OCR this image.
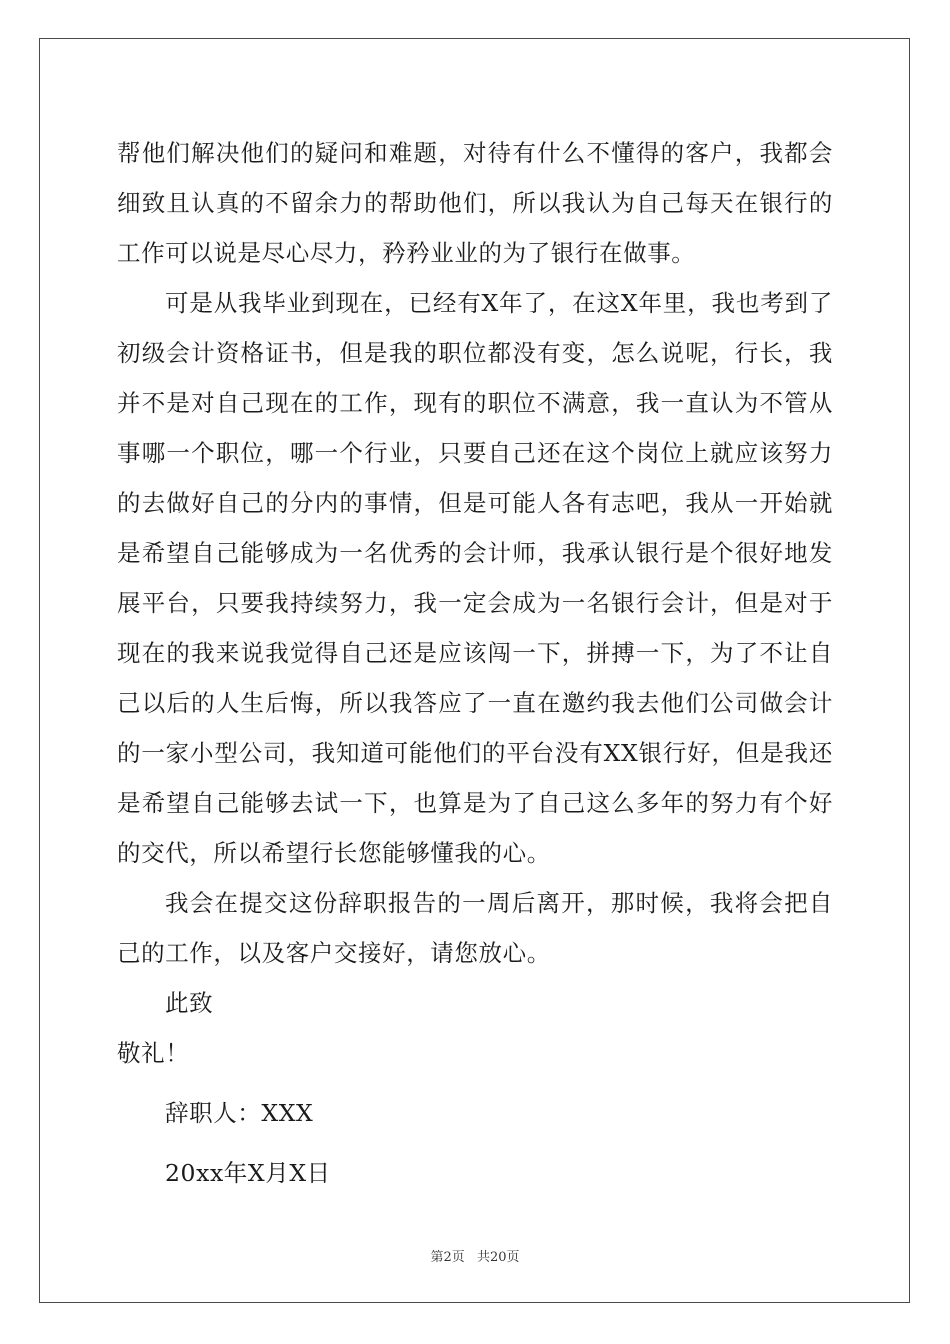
帮他们解决他们的疑问和难题，对待有什么不懂得的客户，我都会细致且认真的不留余力的帮助他们，所以我认为自己每天在银行的工作可以说是尽心尽力，矜矜业业的为了银行在做事。

可是从我毕业到现在，已经有X年了，在这X年里，我也考到了初级会计资格证书，但是我的职位都没有变，怎么说呢，行长，我并不是对自己现在的工作，现有的职位不满意，我一直认为不管从事哪一个职位，哪一个行业，只要自己还在这个岗位上就应该努力的去做好自己的分内的事情，但是可能人各有志吧，我从一开始就是希望自己能够成为一名优秀的会计师，我承认银行是个很好地发展平台，只要我持续努力，我一定会成为一名银行会计，但是对于现在的我来说我觉得自己还是应该闯一下，拼搏一下，为了不让自己以后的人生后悔，所以我答应了一直在邀约我去他们公司做会计的一家小型公司，我知道可能他们的平台没有XX银行好，但是我还是希望自己能够去试一下，也算是为了自己这么多年的努力有个好的交代，所以希望行长您能够懂我的心。

我会在提交这份辞职报告的一周后离开，那时候，我将会把自己的工作，以及客户交接好，请您放心。

此致

敬礼！

辞职人：XXX

20xx年X月X日

第2页 共20页
